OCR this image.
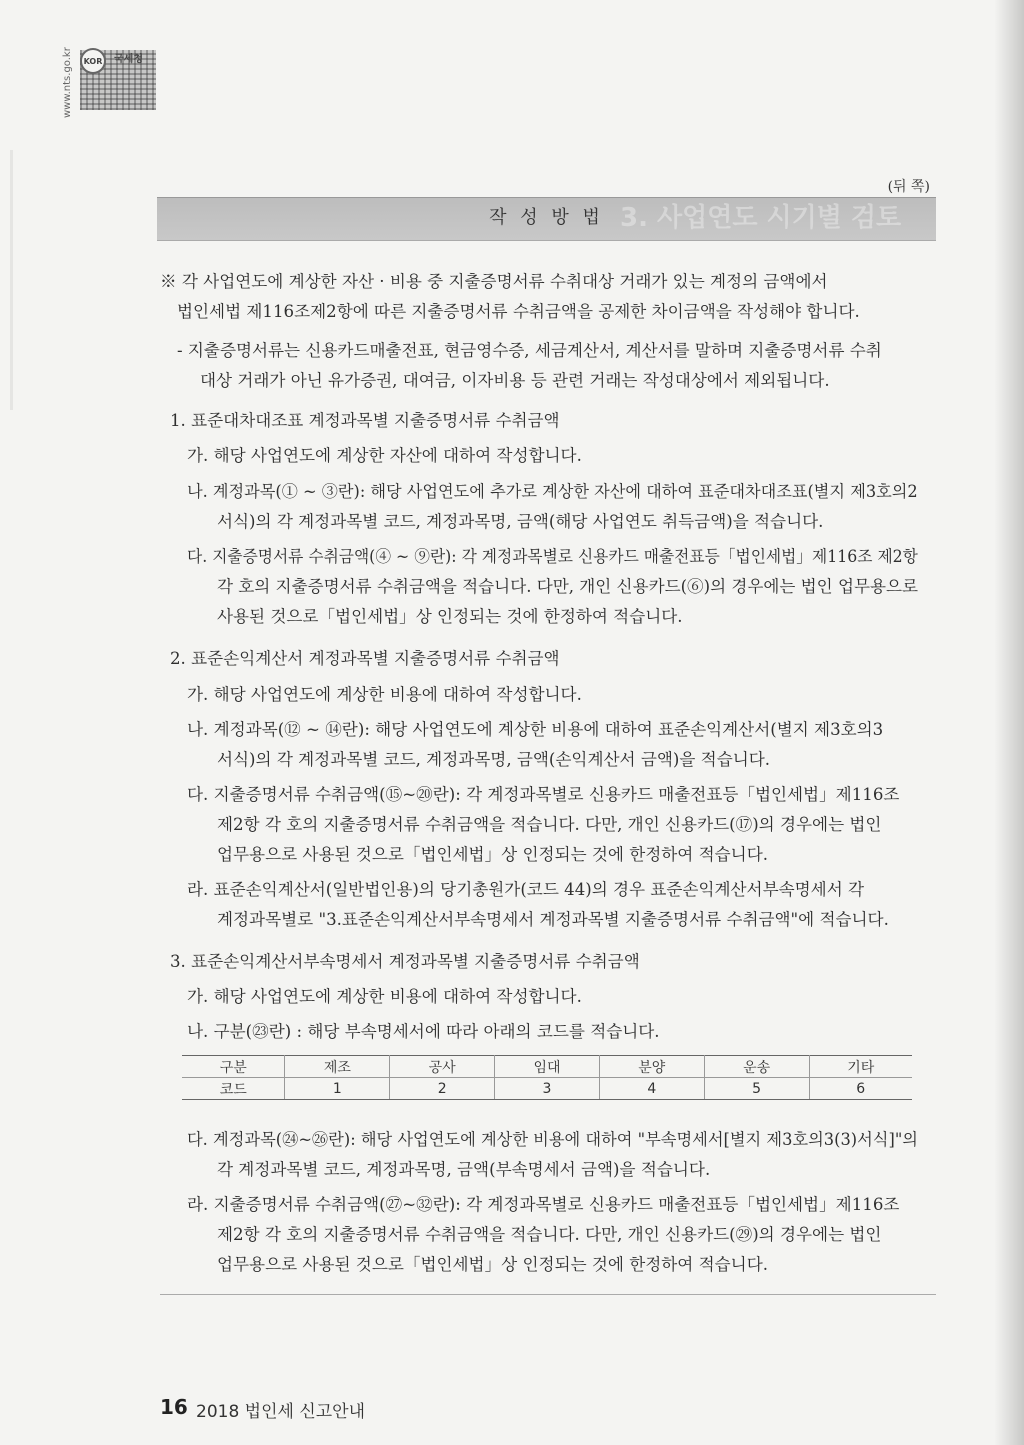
KOR	국세청
www.nts.go.kr
(뒤 쪽)
3. 사업연도 시기별 검토
작 성 방 법
※ 각 사업연도에 계상한 자산 · 비용 중 지출증명서류 수취대상 거래가 있는 계정의 금액에서
법인세법 제116조제2항에 따른 지출증명서류 수취금액을 공제한 차이금액을 작성해야 합니다.
- 지출증명서류는 신용카드매출전표, 현금영수증, 세금계산서, 계산서를 말하며 지출증명서류 수취
대상 거래가 아닌 유가증권, 대여금, 이자비용 등 관련 거래는 작성대상에서 제외됩니다.
1. 표준대차대조표 계정과목별 지출증명서류 수취금액
가. 해당 사업연도에 계상한 자산에 대하여 작성합니다.
나. 계정과목(① ~ ③란): 해당 사업연도에 추가로 계상한 자산에 대하여 표준대차대조표(별지 제3호의2
서식)의 각 계정과목별 코드, 계정과목명, 금액(해당 사업연도 취득금액)을 적습니다.
다. 지출증명서류 수취금액(④ ~ ⑨란): 각 계정과목별로 신용카드 매출전표등「법인세법」제116조 제2항
각 호의 지출증명서류 수취금액을 적습니다. 다만, 개인 신용카드(⑥)의 경우에는 법인 업무용으로
사용된 것으로「법인세법」상 인정되는 것에 한정하여 적습니다.
2. 표준손익계산서 계정과목별 지출증명서류 수취금액
가. 해당 사업연도에 계상한 비용에 대하여 작성합니다.
나. 계정과목(⑫ ~ ⑭란): 해당 사업연도에 계상한 비용에 대하여 표준손익계산서(별지 제3호의3
서식)의 각 계정과목별 코드, 계정과목명, 금액(손익계산서 금액)을 적습니다.
다. 지출증명서류 수취금액(⑮~⑳란): 각 계정과목별로 신용카드 매출전표등「법인세법」제116조
제2항 각 호의 지출증명서류 수취금액을 적습니다. 다만, 개인 신용카드(⑰)의 경우에는 법인
업무용으로 사용된 것으로「법인세법」상 인정되는 것에 한정하여 적습니다.
라. 표준손익계산서(일반법인용)의 당기총원가(코드 44)의 경우 표준손익계산서부속명세서 각
계정과목별로 "3.표준손익계산서부속명세서 계정과목별 지출증명서류 수취금액"에 적습니다.
3. 표준손익계산서부속명세서 계정과목별 지출증명서류 수취금액
가. 해당 사업연도에 계상한 비용에 대하여 작성합니다.
나. 구분(㉓란) : 해당 부속명세서에 따라 아래의 코드를 적습니다.
구분	제조	공사	임대	분양	운송	기타
코드	1	2	3	4	5	6
다. 계정과목(㉔~㉖란): 해당 사업연도에 계상한 비용에 대하여 "부속명세서[별지 제3호의3(3)서식]"의
각 계정과목별 코드, 계정과목명, 금액(부속명세서 금액)을 적습니다.
라. 지출증명서류 수취금액(㉗~㉜란): 각 계정과목별로 신용카드 매출전표등「법인세법」제116조
제2항 각 호의 지출증명서류 수취금액을 적습니다. 다만, 개인 신용카드(㉙)의 경우에는 법인
업무용으로 사용된 것으로「법인세법」상 인정되는 것에 한정하여 적습니다.
16 2018 법인세 신고안내
